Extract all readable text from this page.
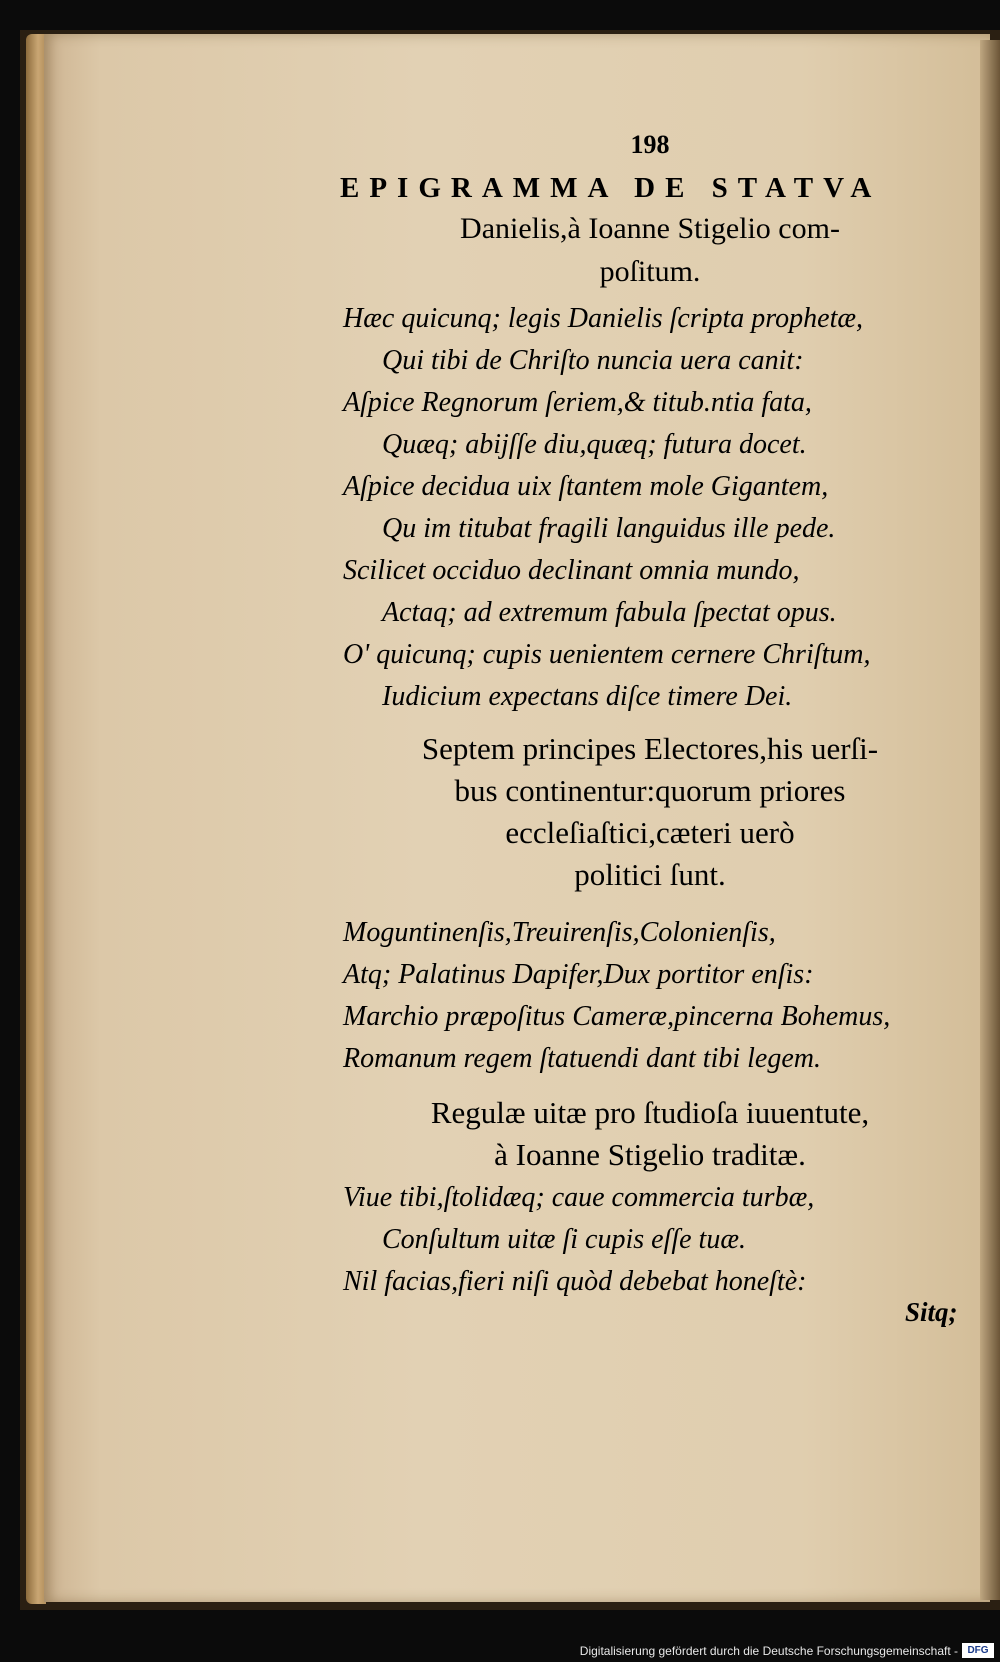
198
EPIGRAMMA DE STATVA
Danielis,à Ioanne Stigelio com-
poſitum.
Hæc quicunq; legis Danielis ſcripta prophetæ,
Qui tibi de Chriſto nuncia uera canit:
Aſpice Regnorum ſeriem,& titub.ntia fata,
Quæq; abijſſe diu,quæq; futura docet.
Aſpice decidua uix ſtantem mole Gigantem,
Qu im titubat fragili languidus ille pede.
Scilicet occiduo declinant omnia mundo,
Actaq; ad extremum fabula ſpectat opus.
O' quicunq; cupis uenientem cernere Chriſtum,
Iudicium expectans diſce timere Dei.
Septem principes Electores,his uerſi-
bus continentur:quorum priores
eccleſiaſtici,cæteri uerò
politici ſunt.
Moguntinenſis,Treuirenſis,Colonienſis,
Atq; Palatinus Dapifer,Dux portitor enſis:
Marchio præpoſitus Cameræ,pincerna Bohemus,
Romanum regem ſtatuendi dant tibi legem.
Regulæ uitæ pro ſtudioſa iuuentute,
à Ioanne Stigelio traditæ.
Viue tibi,ſtolidæq; caue commercia turbæ,
Conſultum uitæ ſi cupis eſſe tuæ.
Nil facias,fieri niſi quòd debebat honeſtè:
Sitq;
Digitalisierung gefördert durch die Deutsche Forschungsgemeinschaft - DFG
